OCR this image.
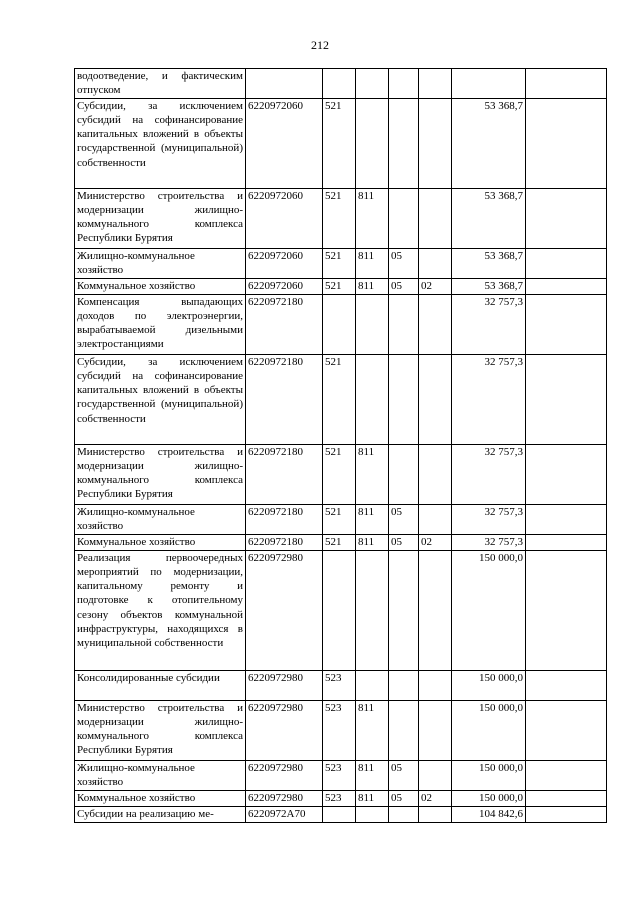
212
водоотведение, и фактическим отпуском							
Субсидии, за исключением субсидий на софинансирование капитальных вложений в объекты государственной (муниципальной) собственности	6220972060	521				53 368,7	
Министерство строительства и модернизации жилищно-коммунального комплекса Республики Бурятия	6220972060	521	811			53 368,7	
Жилищно-коммунальное хозяйство	6220972060	521	811	05		53 368,7	
Коммунальное хозяйство	6220972060	521	811	05	02	53 368,7	
Компенсация выпадающих доходов по электроэнергии, вырабатываемой дизельными электростанциями	6220972180					32 757,3	
Субсидии, за исключением субсидий на софинансирование капитальных вложений в объекты государственной (муниципальной) собственности	6220972180	521				32 757,3	
Министерство строительства и модернизации жилищно-коммунального комплекса Республики Бурятия	6220972180	521	811			32 757,3	
Жилищно-коммунальное хозяйство	6220972180	521	811	05		32 757,3	
Коммунальное хозяйство	6220972180	521	811	05	02	32 757,3	
Реализация первоочередных мероприятий по модернизации, капитальному ремонту и подготовке к отопительному сезону объектов коммунальной инфраструктуры, находящихся в муниципальной собственности	6220972980					150 000,0	
Консолидированные субсидии	6220972980	523				150 000,0	
Министерство строительства и модернизации жилищно-коммунального комплекса Республики Бурятия	6220972980	523	811			150 000,0	
Жилищно-коммунальное хозяйство	6220972980	523	811	05		150 000,0	
Коммунальное хозяйство	6220972980	523	811	05	02	150 000,0	
Субсидии на реализацию ме-	6220972A70					104 842,6	
